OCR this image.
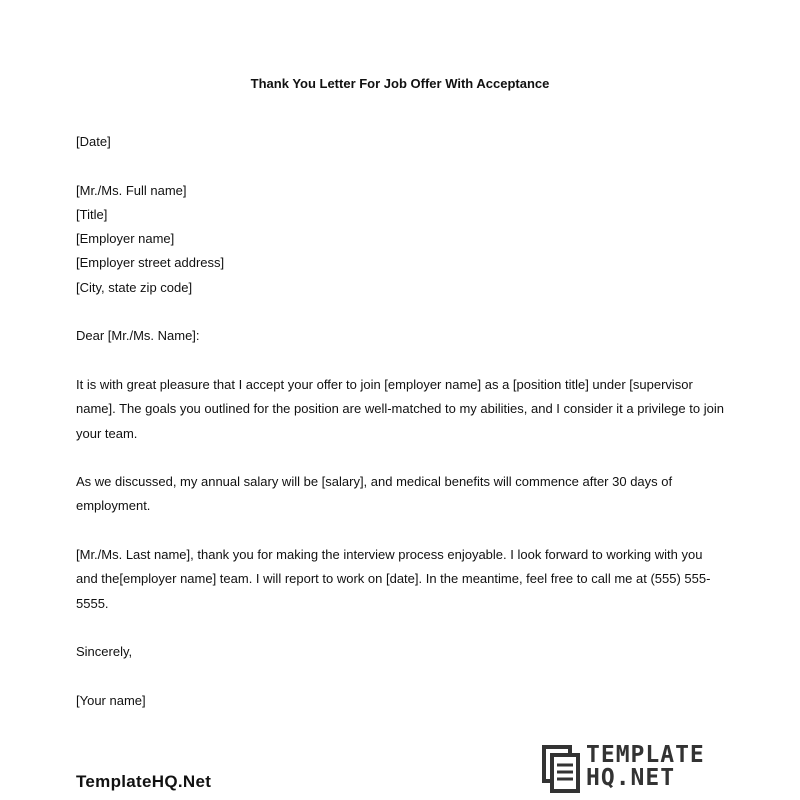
Thank You Letter For Job Offer With Acceptance
[Date]
[Mr./Ms. Full name]
[Title]
[Employer name]
[Employer street address]
[City, state zip code]
Dear [Mr./Ms. Name]:
It is with great pleasure that I accept your offer to join [employer name] as a [position title] under [supervisor name]. The goals you outlined for the position are well-matched to my abilities, and I consider it a privilege to join your team.
As we discussed, my annual salary will be [salary], and medical benefits will commence after 30 days of employment.
[Mr./Ms. Last name], thank you for making the interview process enjoyable. I look forward to working with you and the[employer name] team. I will report to work on [date]. In the meantime, feel free to call me at (555) 555-5555.
Sincerely,
[Your name]
TemplateHQ.Net
TEMPLATE
HQ.NET
